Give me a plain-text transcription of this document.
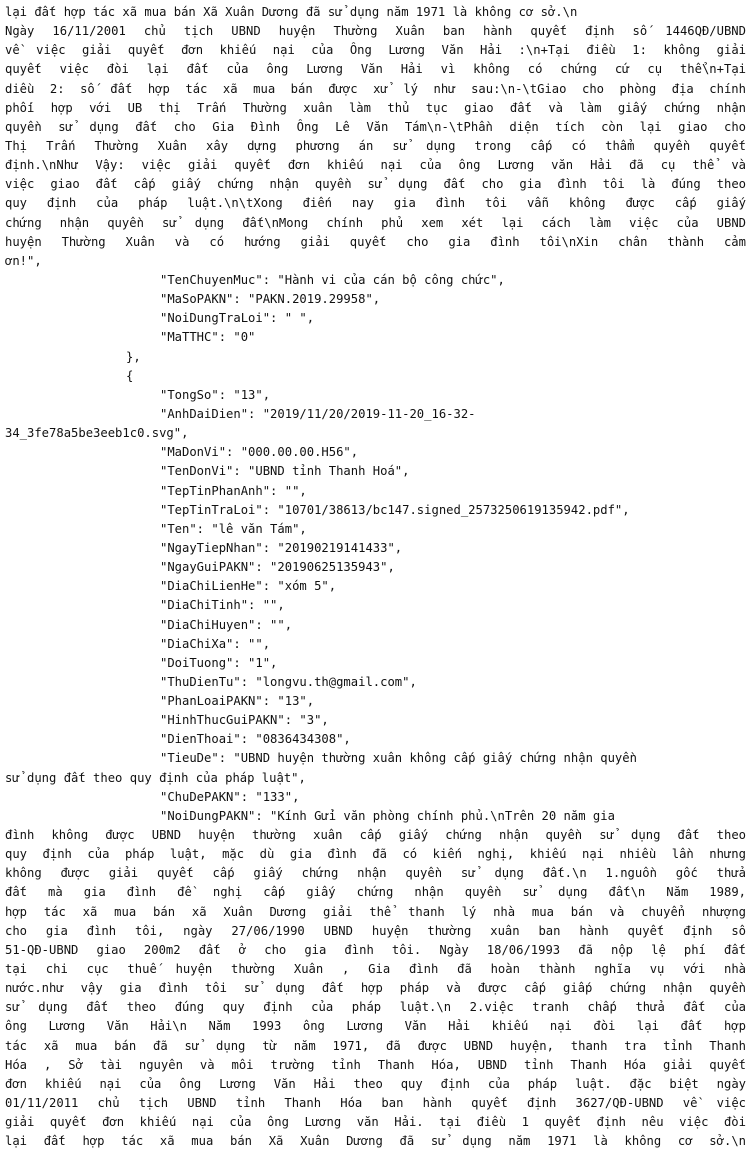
lại đất hợp tác xã mua bán Xã Xuân Dương đã sử dụng năm 1971 là không cơ sở.\n
Ngày 16/11/2001 chủ tịch UBND huyện Thường Xuân ban hành quyết định số 1446QĐ/UBND
về việc giải quyết đơn khiếu nại của Ông Lương Văn Hải :\n+Tại điều 1: không giải
quyết việc đòi lại đất của ông Lương Văn Hải vì không có chứng cứ cụ thể\n+Tại
diều 2: số đất hợp tác xã mua bán được xử lý như sau:\n-\tGiao cho phòng địa chính
phối hợp với UB thị Trấn Thường xuân làm thủ tục giao đất và làm giấy chứng nhận
quyền sử dụng đất cho Gia Đình Ông Lê Văn Tám\n-\tPhần diện tích còn lại giao cho
Thị Trấn Thường Xuân xây dựng phương án sử dụng trong cấp có thẩm quyền quyết
định.\nNhư Vậy: việc giải quyết đơn khiếu nại của ông Lương văn Hải đã cụ thể và
việc giao đất cấp giấy chứng nhận quyền sử dụng đất cho gia đình tôi là đúng theo
quy định của pháp luật.\n\tXong điến nay gia đình tôi vẫn không được cấp giấy
chứng nhận quyền sử dụng đất\nMong chính phủ xem xét lại cách làm việc của UBND
huyện Thường Xuân và có hướng giải quyết cho gia đình tôi\nXin chân thành cảm
ơn!",
"TenChuyenMuc": "Hành vi của cán bộ công chức",
"MaSoPAKN": "PAKN.2019.29958",
"NoiDungTraLoi": " ",
"MaTTHC": "0"
},
{
"TongSo": "13",
"AnhDaiDien": "2019/11/20/2019-11-20_16-32-
34_3fe78a5be3eeb1c0.svg",
"MaDonVi": "000.00.00.H56",
"TenDonVi": "UBND tỉnh Thanh Hoá",
"TepTinPhanAnh": "",
"TepTinTraLoi": "10701/38613/bc147.signed_2573250619135942.pdf",
"Ten": "lê văn Tám",
"NgayTiepNhan": "20190219141433",
"NgayGuiPAKN": "20190625135943",
"DiaChiLienHe": "xóm 5",
"DiaChiTinh": "",
"DiaChiHuyen": "",
"DiaChiXa": "",
"DoiTuong": "1",
"ThuDienTu": "longvu.th@gmail.com",
"PhanLoaiPAKN": "13",
"HinhThucGuiPAKN": "3",
"DienThoai": "0836434308",
"TieuDe": "UBND huyện thường xuân không cấp giấy chứng nhận quyền
sử dụng đất theo quy định của pháp luật",
"ChuDePAKN": "133",
"NoiDungPAKN": "Kính Gửi văn phòng chính phủ.\nTrên 20 năm gia
đình không được UBND huyện thường xuân cấp giấy chứng nhận quyền sử dụng đất theo
quy định của pháp luật, mặc dù gia đình đã có kiến nghị, khiếu nại nhiều lần nhưng
không được giải quyết cấp giấy chứng nhận quyền sử dụng đất.\n 1.nguồn gốc thửa
đất mà gia đình đề nghị cấp giấy chứng nhận quyền sử dụng đất\n Năm 1989,
hợp tác xã mua bán xã Xuân Dương giải thể thanh lý nhà mua bán và chuyển nhượng
cho gia đình tôi, ngày 27/06/1990 UBND huyện thường xuân ban hành quyết định số
51-QĐ-UBND giao 200m2 đất ở cho gia đình tôi. Ngày 18/06/1993 đã nộp lệ phí đất
tại chi cục thuế huyện thường Xuân , Gia đình đã hoàn thành nghĩa vụ với nhà
nước.như vậy gia đình tôi sử dụng đất hợp pháp và được cấp giấp chứng nhận quyền
sử dụng đất theo đúng quy định của pháp luật.\n 2.việc tranh chấp thửa đất của
ông Lương Văn Hải\n Năm 1993 ông Lương Văn Hải khiếu nại đòi lại đất hợp
tác xã mua bán đã sử dụng từ năm 1971, đã được UBND huyện, thanh tra tỉnh Thanh
Hóa , Sở tài nguyên và môi trường tỉnh Thanh Hóa, UBND tỉnh Thanh Hóa giải quyết
đơn khiếu nại của ông Lương Văn Hải theo quy định của pháp luật. đặc biệt ngày
01/11/2011 chủ tịch UBND tỉnh Thanh Hóa ban hành quyết định 3627/QĐ-UBND về việc
giải quyết đơn khiếu nại của ông Lương văn Hải. tại điều 1 quyết định nêu việc đòi
lại đất hợp tác xã mua bán Xã Xuân Dương đã sử dụng năm 1971 là không cơ sở.\n
